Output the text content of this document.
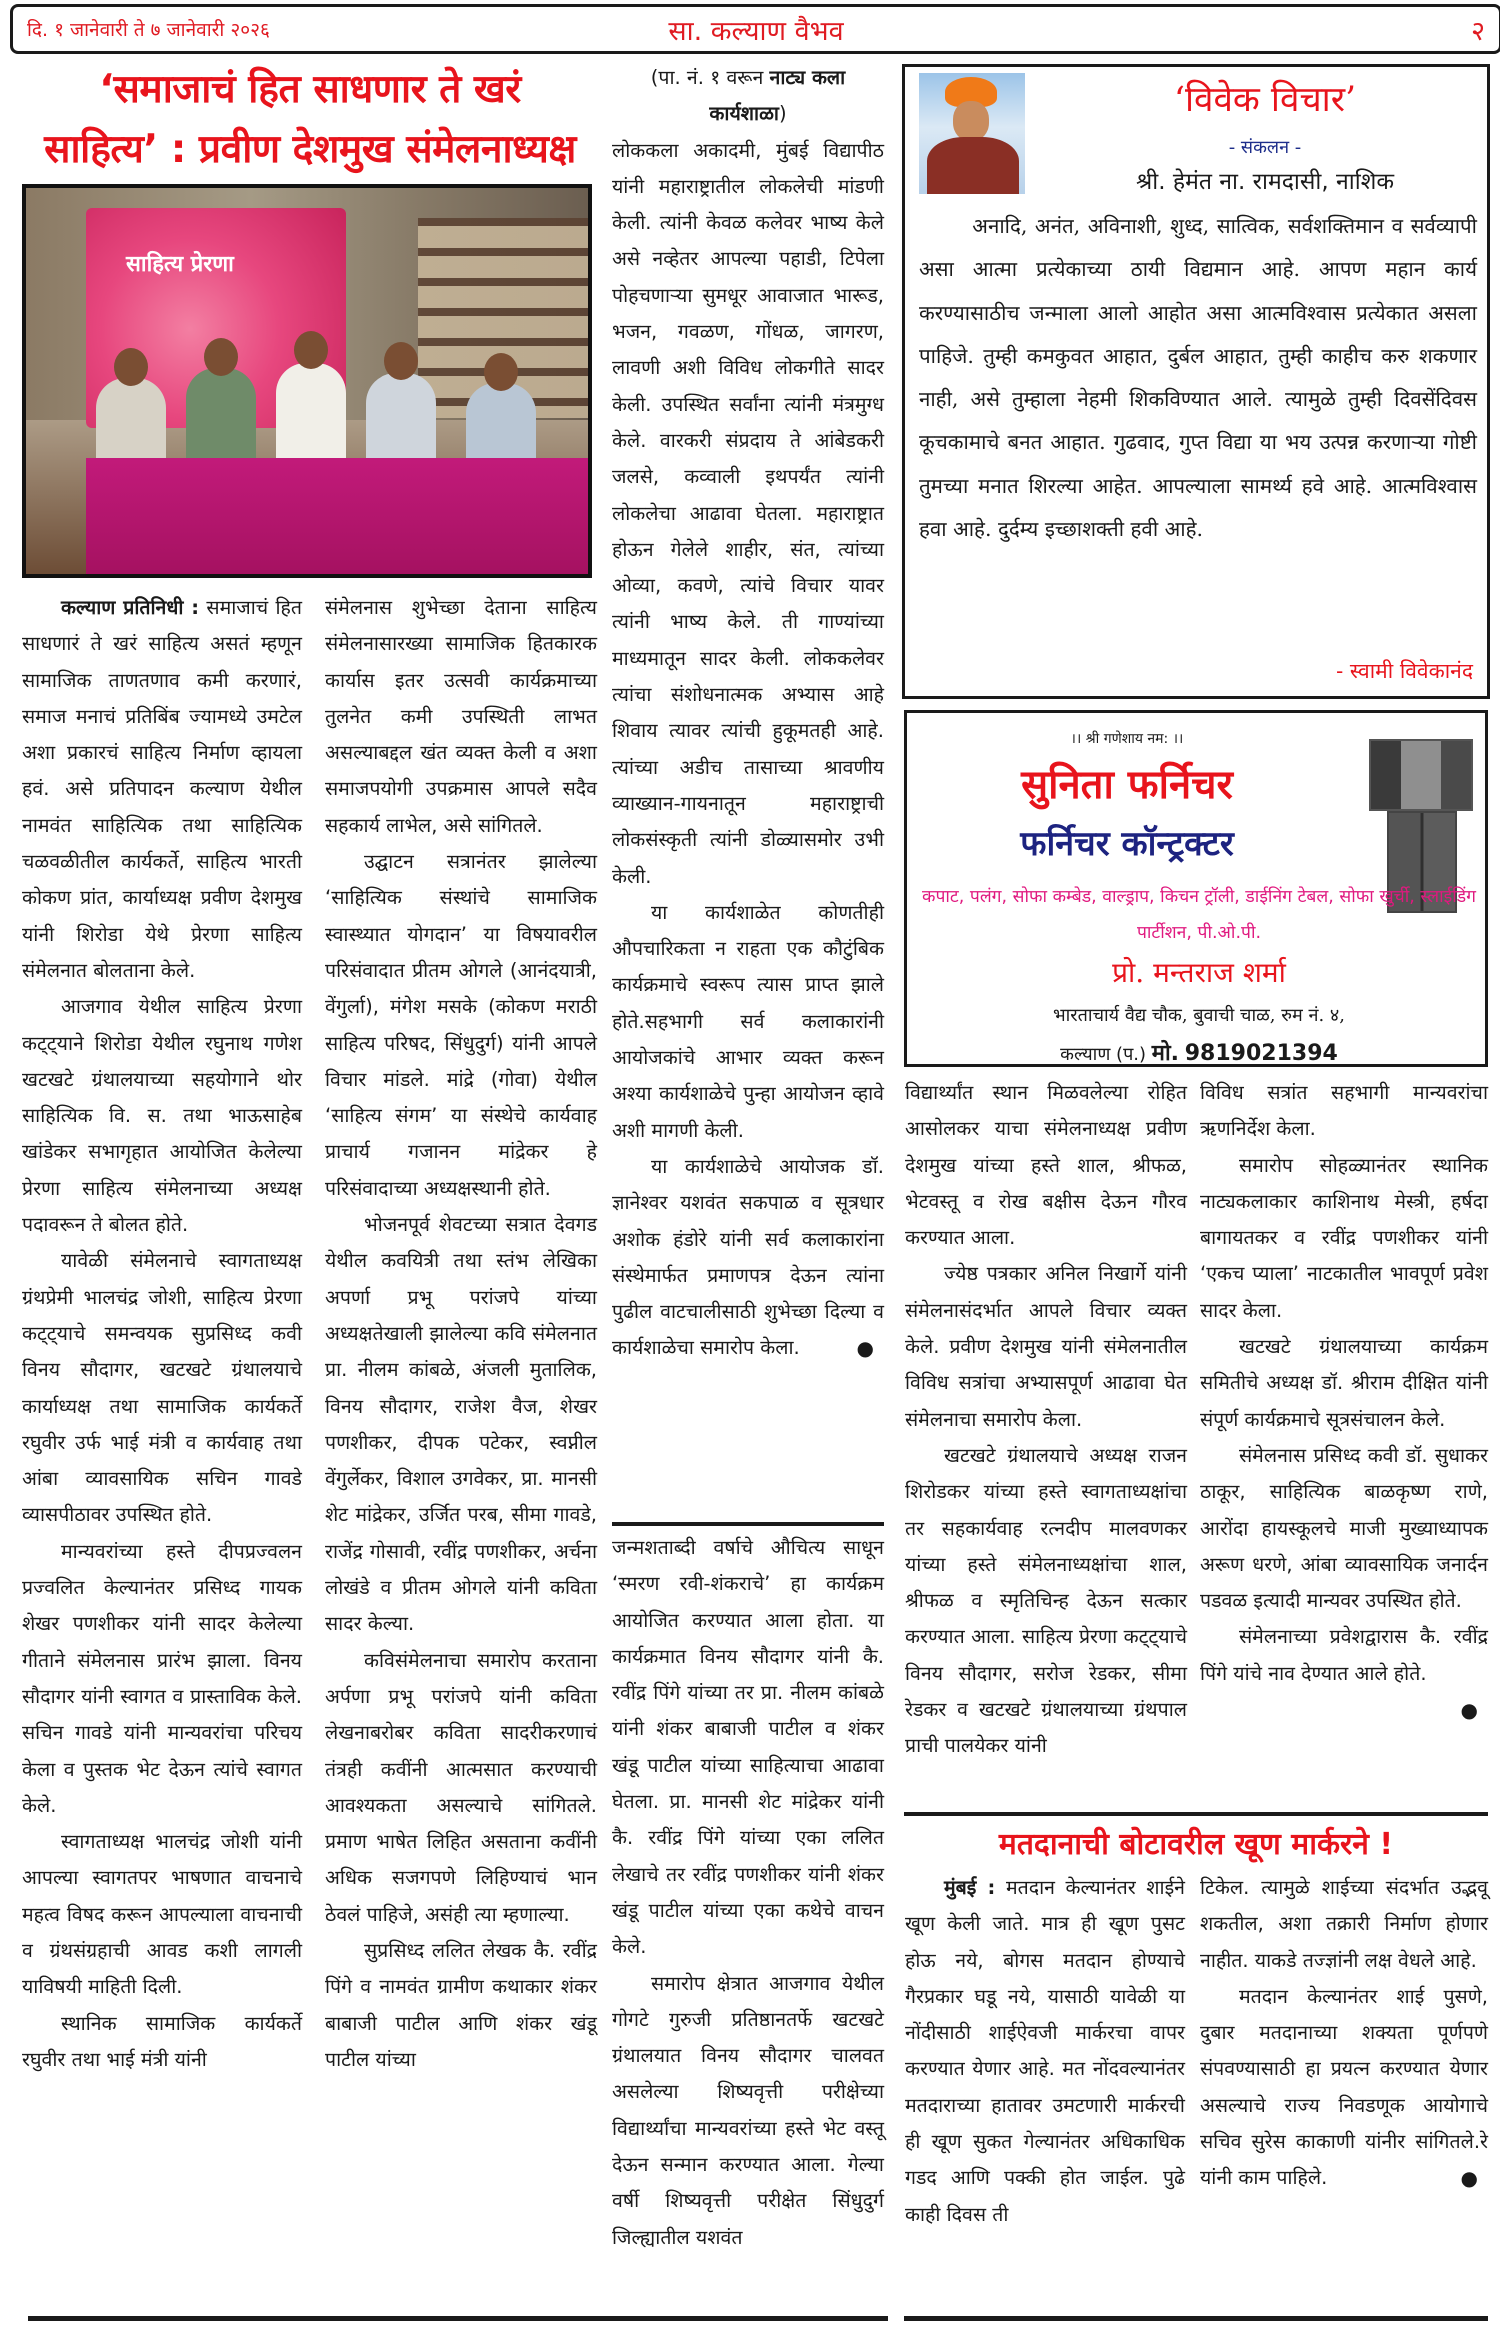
दि. १ जानेवारी ते ७ जानेवारी २०२६	सा. कल्याण वैभव	२
‘समाजाचं हित साधणार ते खरं
साहित्य’ : प्रवीण देशमुख संमेलनाध्यक्ष
साहित्य प्रेरणा

कल्याण प्रतिनिधी : समाजाचं हित साधणारं ते खरं साहित्य असतं म्हणून सामाजिक ताणतणाव कमी करणारं, समाज मनाचं प्रतिबिंब ज्यामध्ये उमटेल अशा प्रकारचं साहित्य निर्माण व्हायला हवं. असे प्रतिपादन कल्याण येथील नामवंत साहित्यिक तथा साहित्यिक चळवळीतील कार्यकर्ते, साहित्य भारती कोकण प्रांत, कार्याध्यक्ष प्रवीण देशमुख यांनी शिरोडा येथे प्रेरणा साहित्य संमेलनात बोलताना केले.

आजगाव येथील साहित्य प्रेरणा कट्ट्याने शिरोडा येथील रघुनाथ गणेश खटखटे ग्रंथालयाच्या सहयोगाने थोर साहित्यिक वि. स. तथा भाऊसाहेब खांडेकर सभागृहात आयोजित केलेल्या प्रेरणा साहित्य संमेलनाच्या अध्यक्ष पदावरून ते बोलत होते.

यावेळी संमेलनाचे स्वागताध्यक्ष ग्रंथप्रेमी भालचंद्र जोशी, साहित्य प्रेरणा कट्ट्याचे समन्वयक सुप्रसिध्द कवी विनय सौदागर, खटखटे ग्रंथालयाचे कार्याध्यक्ष तथा सामाजिक कार्यकर्ते रघुवीर उर्फ भाई मंत्री व कार्यवाह तथा आंबा व्यावसायिक सचिन गावडे व्यासपीठावर उपस्थित होते.

मान्यवरांच्या हस्ते दीपप्रज्वलन प्रज्वलित केल्यानंतर प्रसिध्द गायक शेखर पणशीकर यांनी सादर केलेल्या गीताने संमेलनास प्रारंभ झाला. विनय सौदागर यांनी स्वागत व प्रास्ताविक केले. सचिन गावडे यांनी मान्यवरांचा परिचय केला व पुस्तक भेट देऊन त्यांचे स्वागत केले.

स्वागताध्यक्ष भालचंद्र जोशी यांनी आपल्या स्वागतपर भाषणात वाचनाचे महत्व विषद करून आपल्याला वाचनाची व ग्रंथसंग्रहाची आवड कशी लागली याविषयी माहिती दिली.

स्थानिक सामाजिक कार्यकर्ते रघुवीर तथा भाई मंत्री यांनी

संमेलनास शुभेच्छा देताना साहित्य संमेलनासारख्या सामाजिक हितकारक कार्यास इतर उत्सवी कार्यक्रमाच्या तुलनेत कमी उपस्थिती लाभत असल्याबद्दल खंत व्यक्त केली व अशा समाजपयोगी उपक्रमास आपले सदैव सहकार्य लाभेल, असे सांगितले.

उद्घाटन सत्रानंतर झालेल्या ‘साहित्यिक संस्थांचे सामाजिक स्वास्थ्यात योगदान’ या विषयावरील परिसंवादात प्रीतम ओगले (आनंदयात्री, वेंगुर्ला), मंगेश मसके (कोकण मराठी साहित्य परिषद, सिंधुदुर्ग) यांनी आपले विचार मांडले. मांद्रे (गोवा) येथील ‘साहित्य संगम’ या संस्थेचे कार्यवाह प्राचार्य गजानन मांद्रेकर हे परिसंवादाच्या अध्यक्षस्थानी होते.

भोजनपूर्व शेवटच्या सत्रात देवगड येथील कवयित्री तथा स्तंभ लेखिका अपर्णा प्रभू परांजपे यांच्या अध्यक्षतेखाली झालेल्या कवि संमेलनात प्रा. नीलम कांबळे, अंजली मुतालिक, विनय सौदागर, राजेश वैज, शेखर पणशीकर, दीपक पटेकर, स्वप्नील वेंगुर्लेकर, विशाल उगवेकर, प्रा. मानसी शेट मांद्रेकर, उर्जित परब, सीमा गावडे, राजेंद्र गोसावी, रवींद्र पणशीकर, अर्चना लोखंडे व प्रीतम ओगले यांनी कविता सादर केल्या.

कविसंमेलनाचा समारोप करताना अर्पणा प्रभू परांजपे यांनी कविता लेखनाबरोबर कविता सादरीकरणाचं तंत्रही कवींनी आत्मसात करण्याची आवश्यकता असल्याचे सांगितले. प्रमाण भाषेत लिहित असताना कवींनी अधिक सजगपणे लिहिण्याचं भान ठेवलं पाहिजे, असंही त्या म्हणाल्या.

सुप्रसिध्द ललित लेखक कै. रवींद्र पिंगे व नामवंत ग्रामीण कथाकार शंकर बाबाजी पाटील आणि शंकर खंडू पाटील यांच्या

(पा. नं. १ वरून नाट्य कला कार्यशाळा)

लोककला अकादमी, मुंबई विद्यापीठ यांनी महाराष्ट्रातील लोकलेची मांडणी केली. त्यांनी केवळ कलेवर भाष्य केले असे नव्हेतर आपल्या पहाडी, टिपेला पोहचणाऱ्या सुमधूर आवाजात भारूड, भजन, गवळण, गोंधळ, जागरण, लावणी अशी विविध लोकगीते सादर केली. उपस्थित सर्वांना त्यांनी मंत्रमुग्ध केले. वारकरी संप्रदाय ते आंबेडकरी जलसे, कव्वाली इथपर्यंत त्यांनी लोकलेचा आढावा घेतला. महाराष्ट्रात होऊन गेलेले शाहीर, संत, त्यांच्या ओव्या, कवणे, त्यांचे विचार यावर त्यांनी भाष्य केले. ती गाण्यांच्या माध्यमातून सादर केली. लोककलेवर त्यांचा संशोधनात्मक अभ्यास आहे शिवाय त्यावर त्यांची हुकूमतही आहे. त्यांच्या अडीच तासाच्या श्रावणीय व्याख्यान-गायनातून महाराष्ट्राची लोकसंस्कृती त्यांनी डोळ्यासमोर उभी केली.

या कार्यशाळेत कोणतीही औपचारिकता न राहता एक कौटुंबिक कार्यक्रमाचे स्वरूप त्यास प्राप्त झाले होते.सहभागी सर्व कलाकारांनी आयोजकांचे आभार व्यक्त करून अश्या कार्यशाळेचे पुन्हा आयोजन व्हावे अशी मागणी केली.

या कार्यशाळेचे आयोजक डॉ. ज्ञानेश्वर यशवंत सकपाळ व सूत्रधार अशोक हंडोरे यांनी सर्व कलाकारांना संस्थेमार्फत प्रमाणपत्र देऊन त्यांना पुढील वाटचालीसाठी शुभेच्छा दिल्या व कार्यशाळेचा समारोप केला.	●

जन्मशताब्दी वर्षाचे औचित्य साधून ‘स्मरण रवी-शंकराचे’ हा कार्यक्रम आयोजित करण्यात आला होता. या कार्यक्रमात विनय सौदागर यांनी कै. रवींद्र पिंगे यांच्या तर प्रा. नीलम कांबळे यांनी शंकर बाबाजी पाटील व शंकर खंडू पाटील यांच्या साहित्याचा आढावा घेतला. प्रा. मानसी शेट मांद्रेकर यांनी कै. रवींद्र पिंगे यांच्या एका ललित लेखाचे तर रवींद्र पणशीकर यांनी शंकर खंडू पाटील यांच्या एका कथेचे वाचन केले.

समारोप क्षेत्रात आजगाव येथील गोगटे गुरुजी प्रतिष्ठानतर्फे खटखटे ग्रंथालयात विनय सौदागर चालवत असलेल्या शिष्यवृत्ती परीक्षेच्या विद्यार्थ्यांचा मान्यवरांच्या हस्ते भेट वस्तू देऊन सन्मान करण्यात आला. गेल्या वर्षी शिष्यवृत्ती परीक्षेत सिंधुदुर्ग जिल्ह्यातील यशवंत

‘विवेक विचार’
- संकलन -
श्री. हेमंत ना. रामदासी, नाशिक
अनादि, अनंत, अविनाशी, शुध्द, सात्विक, सर्वशक्तिमान व सर्वव्यापी असा आत्मा प्रत्येकाच्या ठायी विद्यमान आहे. आपण महान कार्य करण्यासाठीच जन्माला आलो आहोत असा आत्मविश्वास प्रत्येकात असला पाहिजे. तुम्ही कमकुवत आहात, दुर्बल आहात, तुम्ही काहीच करु शकणार नाही, असे तुम्हाला नेहमी शिकविण्यात आले. त्यामुळे तुम्ही दिवसेंदिवस कूचकामाचे बनत आहात. गुढवाद, गुप्त विद्या या भय उत्पन्न करणाऱ्या गोष्टी तुमच्या मनात शिरल्या आहेत. आपल्याला सामर्थ्य हवे आहे. आत्मविश्वास हवा आहे. दुर्दम्य इच्छाशक्ती हवी आहे.
- स्वामी विवेकानंद
।। श्री गणेशाय नम: ।।
सुनिता फर्निचर
फर्निचर कॉन्ट्रक्टर
कपाट, पलंग, सोफा कम्बेड, वाल्ड्राप, किचन ट्रॉली, डाईनिंग टेबल, सोफा खुर्ची, स्लाईडिंग पार्टीशन, पी.ओ.पी.
प्रो. मन्तराज शर्मा
भारताचार्य वैद्य चौक, बुवाची चाळ, रुम नं. ४,
कल्याण (प.) मो. 9819021394

विद्यार्थ्यांत स्थान मिळवलेल्या रोहित आसोलकर याचा संमेलनाध्यक्ष प्रवीण देशमुख यांच्या हस्ते शाल, श्रीफळ, भेटवस्तू व रोख बक्षीस देऊन गौरव करण्यात आला.

ज्येष्ठ पत्रकार अनिल निखार्गे यांनी संमेलनासंदर्भात आपले विचार व्यक्त केले. प्रवीण देशमुख यांनी संमेलनातील विविध सत्रांचा अभ्यासपूर्ण आढावा घेत संमेलनाचा समारोप केला.

खटखटे ग्रंथालयाचे अध्यक्ष राजन शिरोडकर यांच्या हस्ते स्वागताध्यक्षांचा तर सहकार्यवाह रत्नदीप मालवणकर यांच्या हस्ते संमेलनाध्यक्षांचा शाल, श्रीफळ व स्मृतिचिन्ह देऊन सत्कार करण्यात आला. साहित्य प्रेरणा कट्ट्याचे विनय सौदागर, सरोज रेडकर, सीमा रेडकर व खटखटे ग्रंथालयाच्या ग्रंथपाल प्राची पालयेकर यांनी

विविध सत्रांत सहभागी मान्यवरांचा ऋणनिर्देश केला.

समारोप सोहळ्यानंतर स्थानिक नाट्यकलाकार काशिनाथ मेस्त्री, हर्षदा बागायतकर व रवींद्र पणशीकर यांनी ‘एकच प्याला’ नाटकातील भावपूर्ण प्रवेश सादर केला.

खटखटे ग्रंथालयाच्या कार्यक्रम समितीचे अध्यक्ष डॉ. श्रीराम दीक्षित यांनी संपूर्ण कार्यक्रमाचे सूत्रसंचालन केले.

संमेलनास प्रसिध्द कवी डॉ. सुधाकर ठाकूर, साहित्यिक बाळकृष्ण राणे, आरोंदा हायस्कूलचे माजी मुख्याध्यापक अरूण धरणे, आंबा व्यावसायिक जनार्दन पडवळ इत्यादी मान्यवर उपस्थित होते.

संमेलनाच्या प्रवेशद्वारास कै. रवींद्र पिंगे यांचे नाव देण्यात आले होते.
●

मतदानाची बोटावरील खूण मार्करने !

मुंबई : मतदान केल्यानंतर शाईने खूण केली जाते. मात्र ही खूण पुसट होऊ नये, बोगस मतदान होण्याचे गैरप्रकार घडू नये, यासाठी यावेळी या नोंदीसाठी शाईऐवजी मार्करचा वापर करण्यात येणार आहे. मत नोंदवल्यानंतर मतदाराच्या हातावर उमटणारी मार्करची ही खूण सुकत गेल्यानंतर अधिकाधिक गडद आणि पक्की होत जाईल. पुढे काही दिवस ती

टिकेल. त्यामुळे शाईच्या संदर्भात उद्भवू शकतील, अशा तक्रारी निर्माण होणार नाहीत. याकडे तज्ज्ञांनी लक्ष वेधले आहे.

मतदान केल्यानंतर शाई पुसणे, दुबार मतदानाच्या शक्यता पूर्णपणे संपवण्यासाठी हा प्रयत्न करण्यात येणार असल्याचे राज्य निवडणूक आयोगाचे सचिव सुरेस काकाणी यांनीर सांगितले.रे यांनी काम पाहिले.	●
